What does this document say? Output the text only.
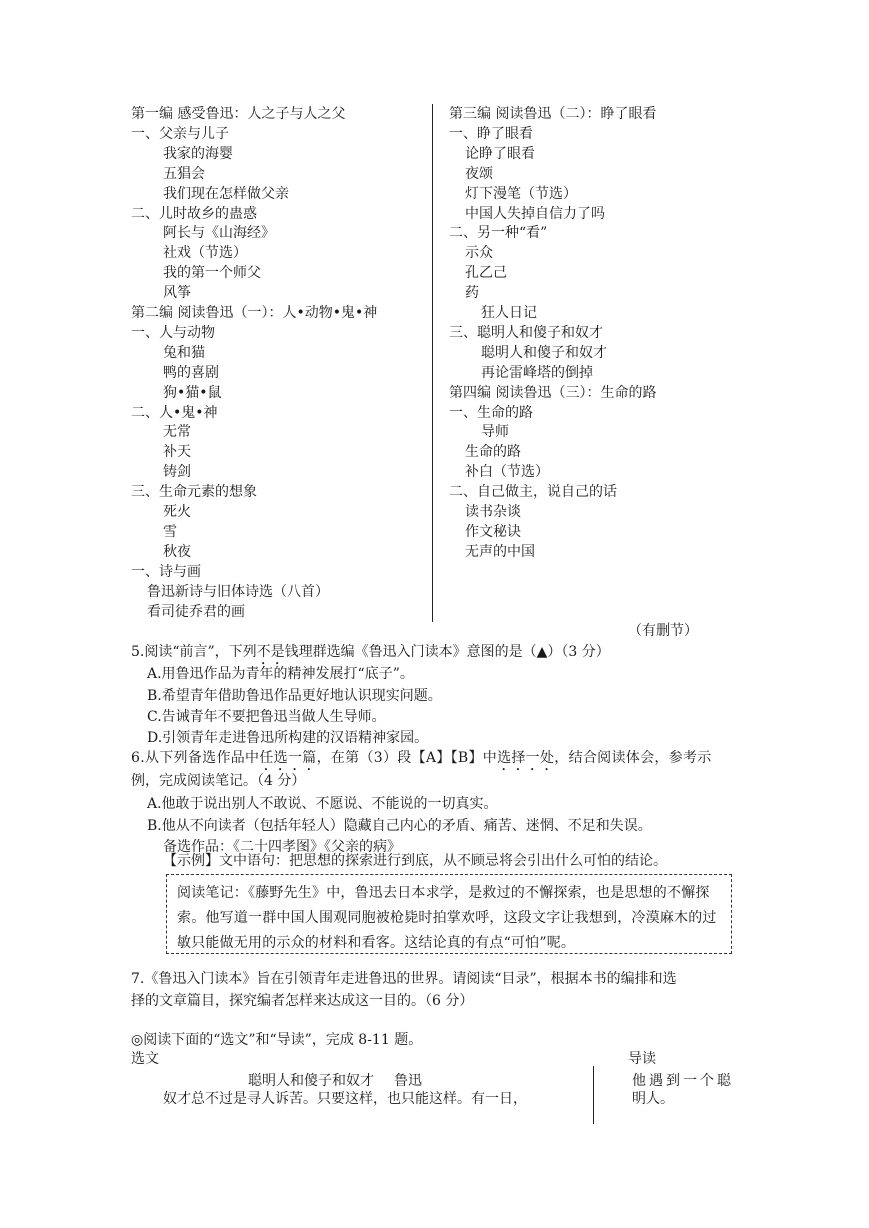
第一编 感受鲁迅：人之子与人之父
一、父亲与儿子
我家的海婴
五猖会
我们现在怎样做父亲
二、儿时故乡的蛊惑
阿长与《山海经》
社戏（节选）
我的第一个师父
风筝
第二编 阅读鲁迅（一）：人•动物•鬼•神
一、人与动物
兔和猫
鸭的喜剧
狗•猫•鼠
二、人•鬼•神
无常
补天
铸剑
三、生命元素的想象
死火
雪
秋夜
一、诗与画
鲁迅新诗与旧体诗选（八首）
看司徒乔君的画
第三编 阅读鲁迅（二）：睁了眼看
一、睁了眼看
论睁了眼看
夜颂
灯下漫笔（节选）
中国人失掉自信力了吗
二、另一种“看”
示众
孔乙己
药
狂人日记
三、聪明人和傻子和奴才
聪明人和傻子和奴才
再论雷峰塔的倒掉
第四编 阅读鲁迅（三）：生命的路
一、生命的路
导师
生命的路
补白（节选）
二、自己做主，说自己的话
读书杂谈
作文秘诀
无声的中国
（有删节）
5.阅读“前言”，下列不是钱理群选编《鲁迅入门读本》意图的是（▲）（3 分）
A.用鲁迅作品为青年的精神发展打“底子”。
B.希望青年借助鲁迅作品更好地认识现实问题。
C.告诫青年不要把鲁迅当做人生导师。
D.引领青年走进鲁迅所构建的汉语精神家园。
6.从下列备选作品中任选一篇，在第（3）段【A】【B】中选择一处，结合阅读体会，参考示
例，完成阅读笔记。（4 分）
A.他敢于说出别人不敢说、不愿说、不能说的一切真实。
B.他从不向读者（包括年轻人）隐藏自己内心的矛盾、痛苦、迷惘、不足和失误。
备选作品：《二十四孝图》《父亲的病》
【示例】文中语句：把思想的探索进行到底，从不顾忌将会引出什么可怕的结论。
阅读笔记：《藤野先生》中，鲁迅去日本求学，是救过的不懈探索，也是思想的不懈探索。他写道一群中国人围观同胞被枪毙时拍掌欢呼，这段文字让我想到，冷漠麻木的过敏只能做无用的示众的材料和看客。这结论真的有点“可怕”呢。
7.《鲁迅入门读本》旨在引领青年走进鲁迅的世界。请阅读“目录”，根据本书的编排和选
择的文章篇目，探究编者怎样来达成这一目的。（6 分）
◎阅读下面的“选文”和“导读”，完成 8-11 题。
选文	导读
聪明人和傻子和奴才 鲁迅
奴才总不过是寻人诉苦。只要这样，也只能这样。有一日，
他遇到一个聪
明人。
